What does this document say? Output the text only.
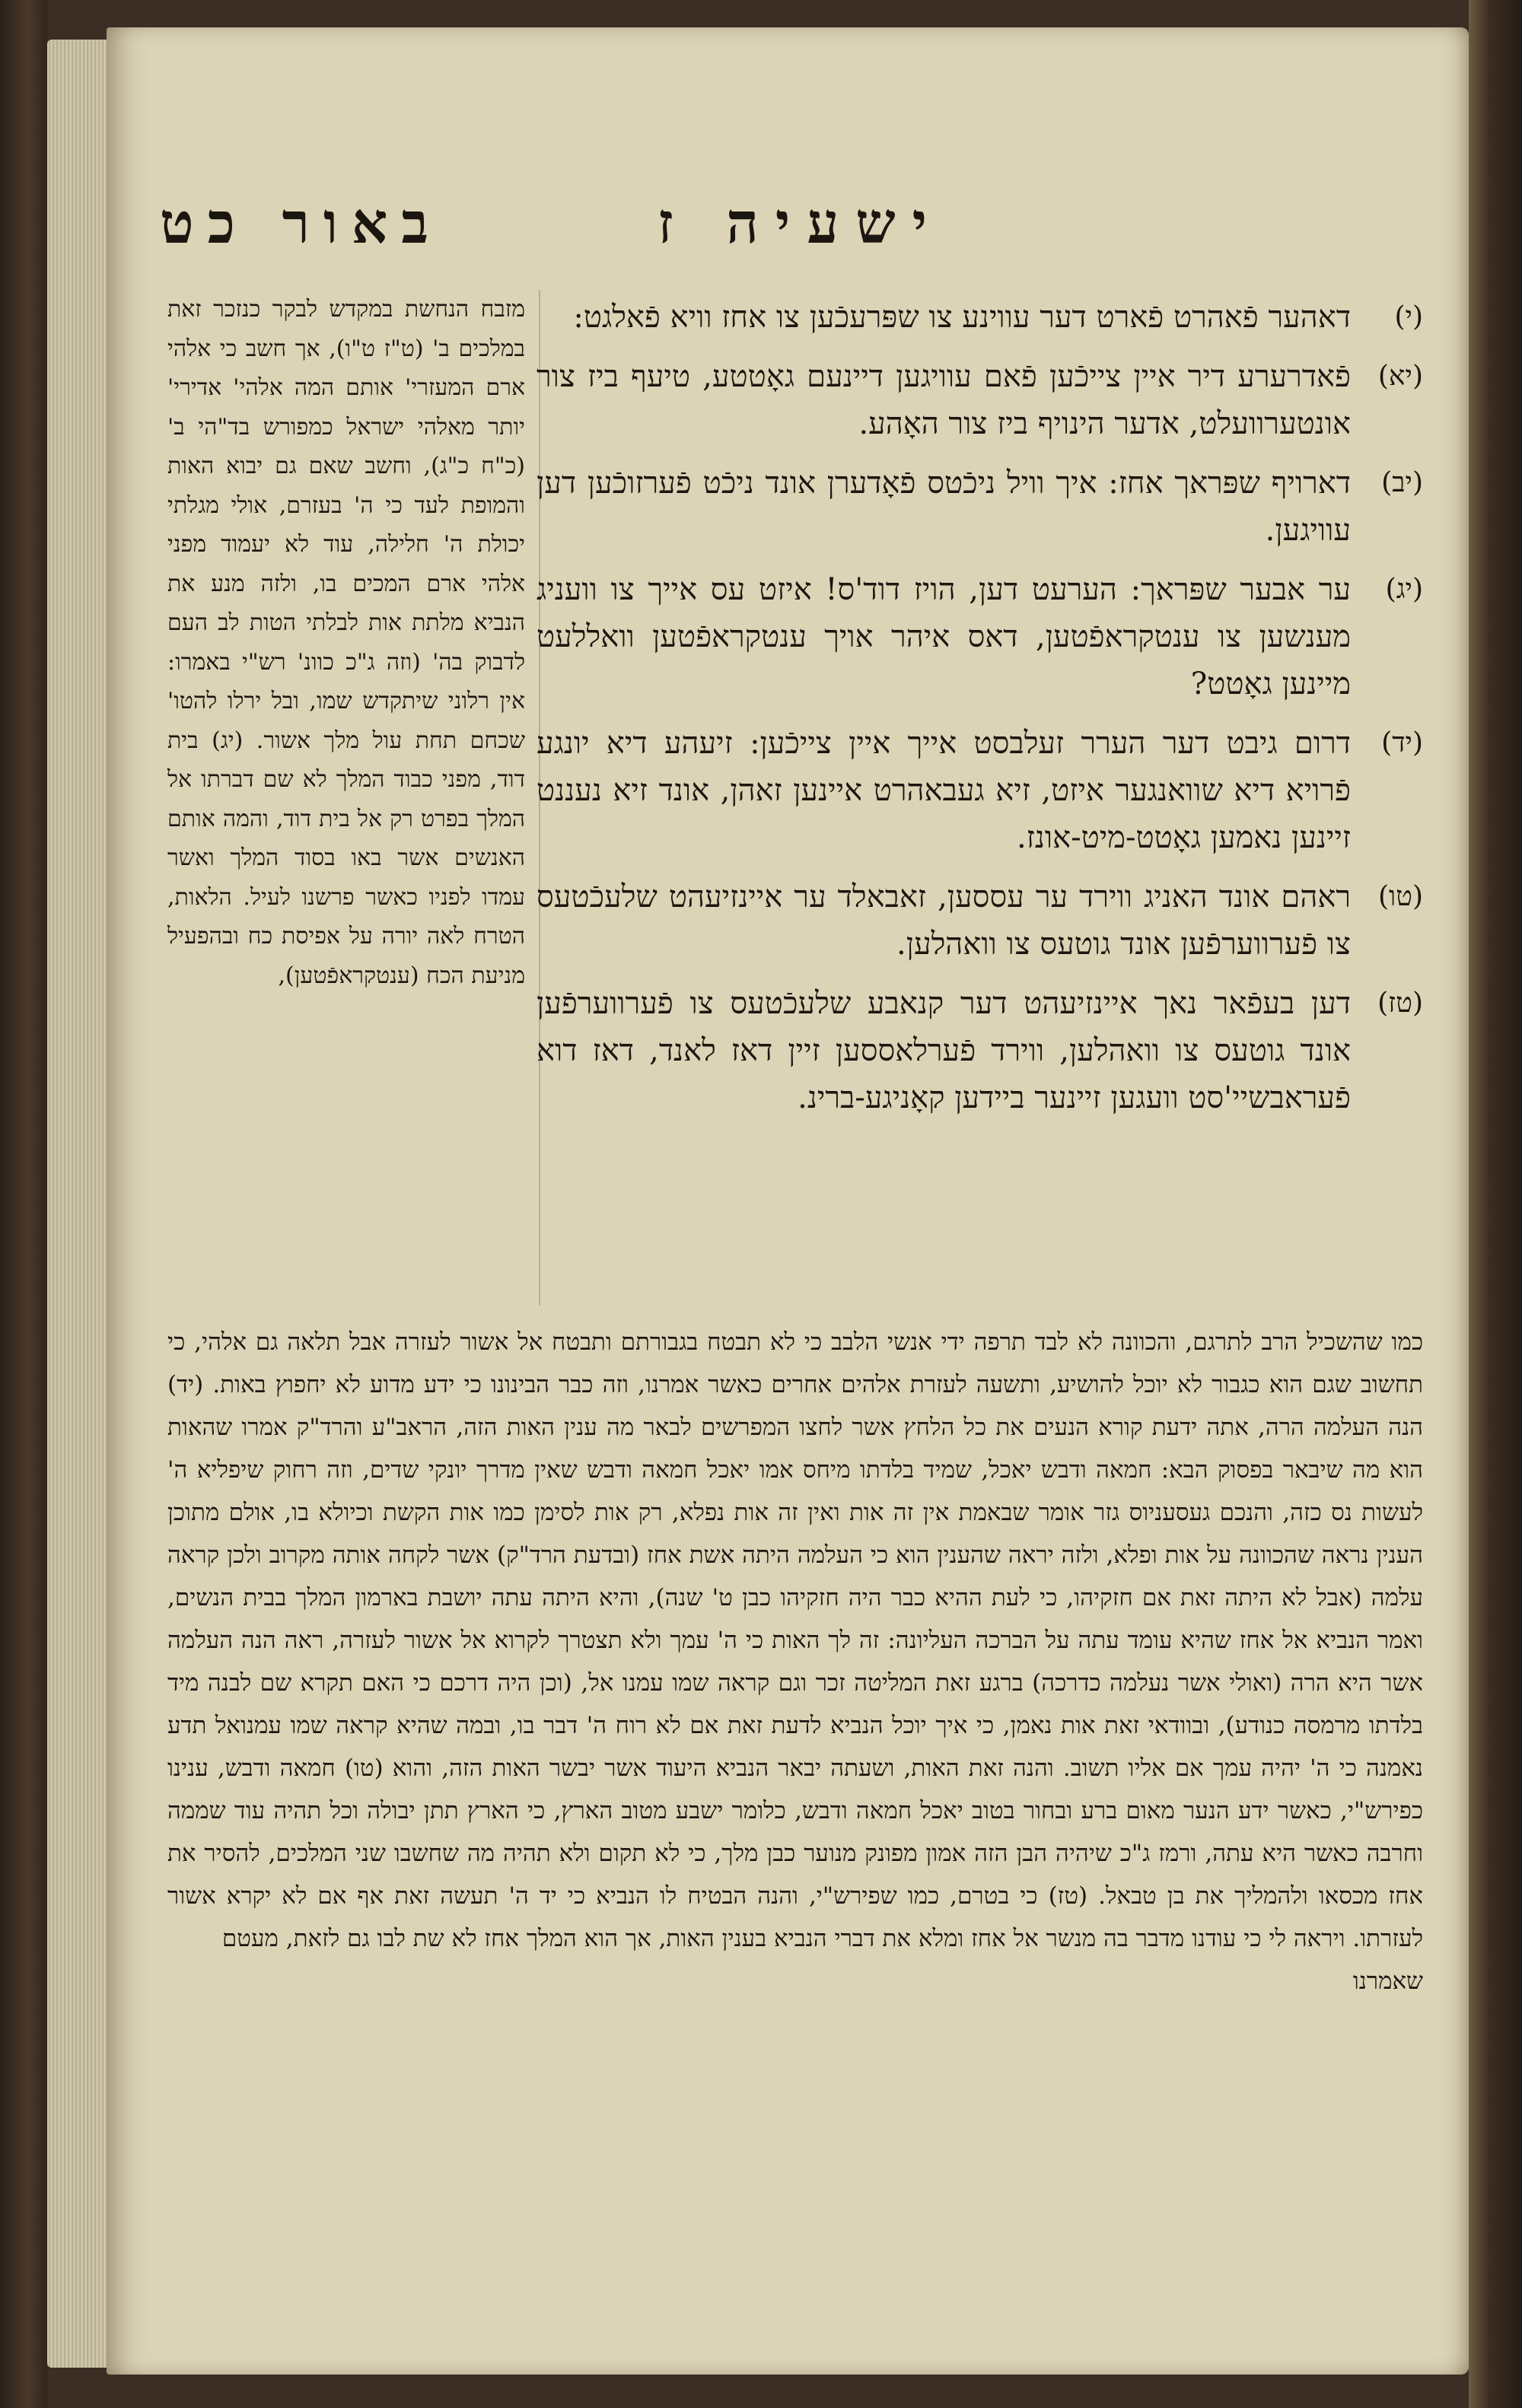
ישעיה ז
באור כט
(י)
דאהער פֿאהרט פֿארט דער עווינע צו שפּרעכֿען צו אחז וויא פֿאלגט:
(יא)
פֿאדרערע דיר איין צייכֿען פֿאם עוויגען דיינעם גאָטטע, טיעף ביז צור אונטערוועלט, אדער הינויף ביז צור האָהע.
(יב)
דארויף שפּראך אחז: איך וויל ניכֿטס פֿאָדערן אונד ניכֿט פֿערזוכֿען דען עוויגען.
(יג)
ער אבער שפּראך: הערעט דען, הויז דוד'ס! איזט עס אייך צו וועניג מענשען צו ענטקראפֿטען, דאס איהר אויך ענטקראפֿטען וואללעט מיינען גאָטט?
(יד)
דרום גיבט דער הערר זעלבסט אייך איין צייכֿען: זיעהע דיא יונגע פֿרויא דיא שוואנגער איזט, זיא געבאהרט איינען זאהן, אונד זיא נעננט זיינען נאמען גאָטט-מיט-אונז.
(טו)
ראהם אונד האניג ווירד ער עססען, זאבאלד ער איינזיעהט שלעכֿטעס צו פֿערווערפֿען אונד גוטעס צו וואהלען.
(טז)
דען בעפֿאר נאך איינזיעהט דער קנאבע שלעכֿטעס צו פֿערווערפֿען אונד גוטעס צו וואהלען, ווירד פֿערלאססען זיין דאז לאנד, דאז דוא פֿעראבשיי'סט וועגען זיינער ביידען קאָניגע-ברינ.
מזבח הנחשת במקדש לבקר כנזכר זאת במלכים ב' (ט"ז ט"ו), אך חשב כי אלהי ארם המעזרי' אותם המה אלהי' אדירי' יותר מאלהי ישראל כמפורש בד"הי ב' (כ"ח כ"ג), וחשב שאם גם יבוא האות והמופת לעד כי ה' בעזרם, אולי מגלתי יכולת ה' חלילה, עוד לא יעמוד מפני אלהי ארם המכים בו, ולזה מנע את הנביא מלתת אות לבלתי הטות לב העם לדבוק בה' (וזה ג"כ כוונ' רש"י באמרו: אין רלוני שיתקדש שמו, ובל ירלו להטו' שכחם תחת עול מלך אשור. (יג) בית דוד, מפני כבוד המלך לא שם דברתו אל המלך בפרט רק אל בית דוד, והמה אותם האנשים אשר באו בסוד המלך ואשר עמדו לפניו כאשר פרשנו לעיל. הלאות, הטרח לאה יורה על אפיסת כח ובהפעיל מניעת הכח (ענטקראפֿטען),
כמו שהשכיל הרב לתרגם, והכוונה לא לבד תרפה ידי אנשי הלבב כי לא תבטח בגבורתם ותבטח אל אשור לעזרה אבל תלאה גם אלהי, כי תחשוב שגם הוא כגבור לא יוכל להושיע, ותשעה לעזרת אלהים אחרים כאשר אמרנו, וזה כבר הבינונו כי ידע מדוע לא יחפוץ באות. (יד) הנה העלמה הרה, אתה ידעת קורא הנעים את כל הלחץ אשר לחצו המפרשים לבאר מה ענין האות הזה, הראב"ע והרד"ק אמרו שהאות הוא מה שיבאר בפסוק הבא: חמאה ודבש יאכל, שמיד בלדתו מיחס אמו יאכל חמאה ודבש שאין מדרך יונקי שדים, וזה רחוק שיפליא ה' לעשות נס כזה, והנכם געסעניוס גזר אומר שבאמת אין זה אות ואין זה אות נפלא, רק אות לסימן כמו אות הקשת וכיולא בו, אולם מתוכן הענין נראה שהכוונה על אות ופלא, ולזה יראה שהענין הוא כי העלמה היתה אשת אחז (ובדעת הרד"ק) אשר לקחה אותה מקרוב ולכן קראה עלמה (אבל לא היתה זאת אם חזקיהו, כי לעת ההיא כבר היה חזקיהו כבן ט' שנה), והיא היתה עתה יושבת בארמון המלך בבית הנשים, ואמר הנביא אל אחז שהיא עומד עתה על הברכה העליונה: זה לך האות כי ה' עמך ולא תצטרך לקרוא אל אשור לעזרה, ראה הנה העלמה אשר היא הרה (ואולי אשר נעלמה כדרכה) ברגע זאת המליטה זכר וגם קראה שמו עמנו אל, (וכן היה דרכם כי האם תקרא שם לבנה מיד בלדתו מרמסה כנודע), ובוודאי זאת אות נאמן, כי איך יוכל הנביא לדעת זאת אם לא רוח ה' דבר בו, ובמה שהיא קראה שמו עמנואל תדע נאמנה כי ה' יהיה עמך אם אליו תשוב. והנה זאת האות, ושעתה יבאר הנביא היעוד אשר יבשר האות הזה, והוא (טו) חמאה ודבש, ענינו כפירש"י, כאשר ידע הנער מאום ברע ובחור בטוב יאכל חמאה ודבש, כלומר ישבע מטוב הארץ, כי הארץ תתן יבולה וכל תהיה עוד שממה וחרבה כאשר היא עתה, ורמז ג"כ שיהיה הבן הזה אמון מפונק מנוער כבן מלך, כי לא תקום ולא תהיה מה שחשבו שני המלכים, להסיר את אחז מכסאו ולהמליך את בן טבאל. (טז) כי בטרם, כמו שפירש"י, והנה הבטיח לו הנביא כי יד ה' תעשה זאת אף אם לא יקרא אשור לעזרתו. ויראה לי כי עודנו מדבר בה מנשר אל אחז ומלא את דברי הנביא בענין האות, אך הוא המלך אחז לא שת לבו גם לזאת, מעטם
שאמרנו
